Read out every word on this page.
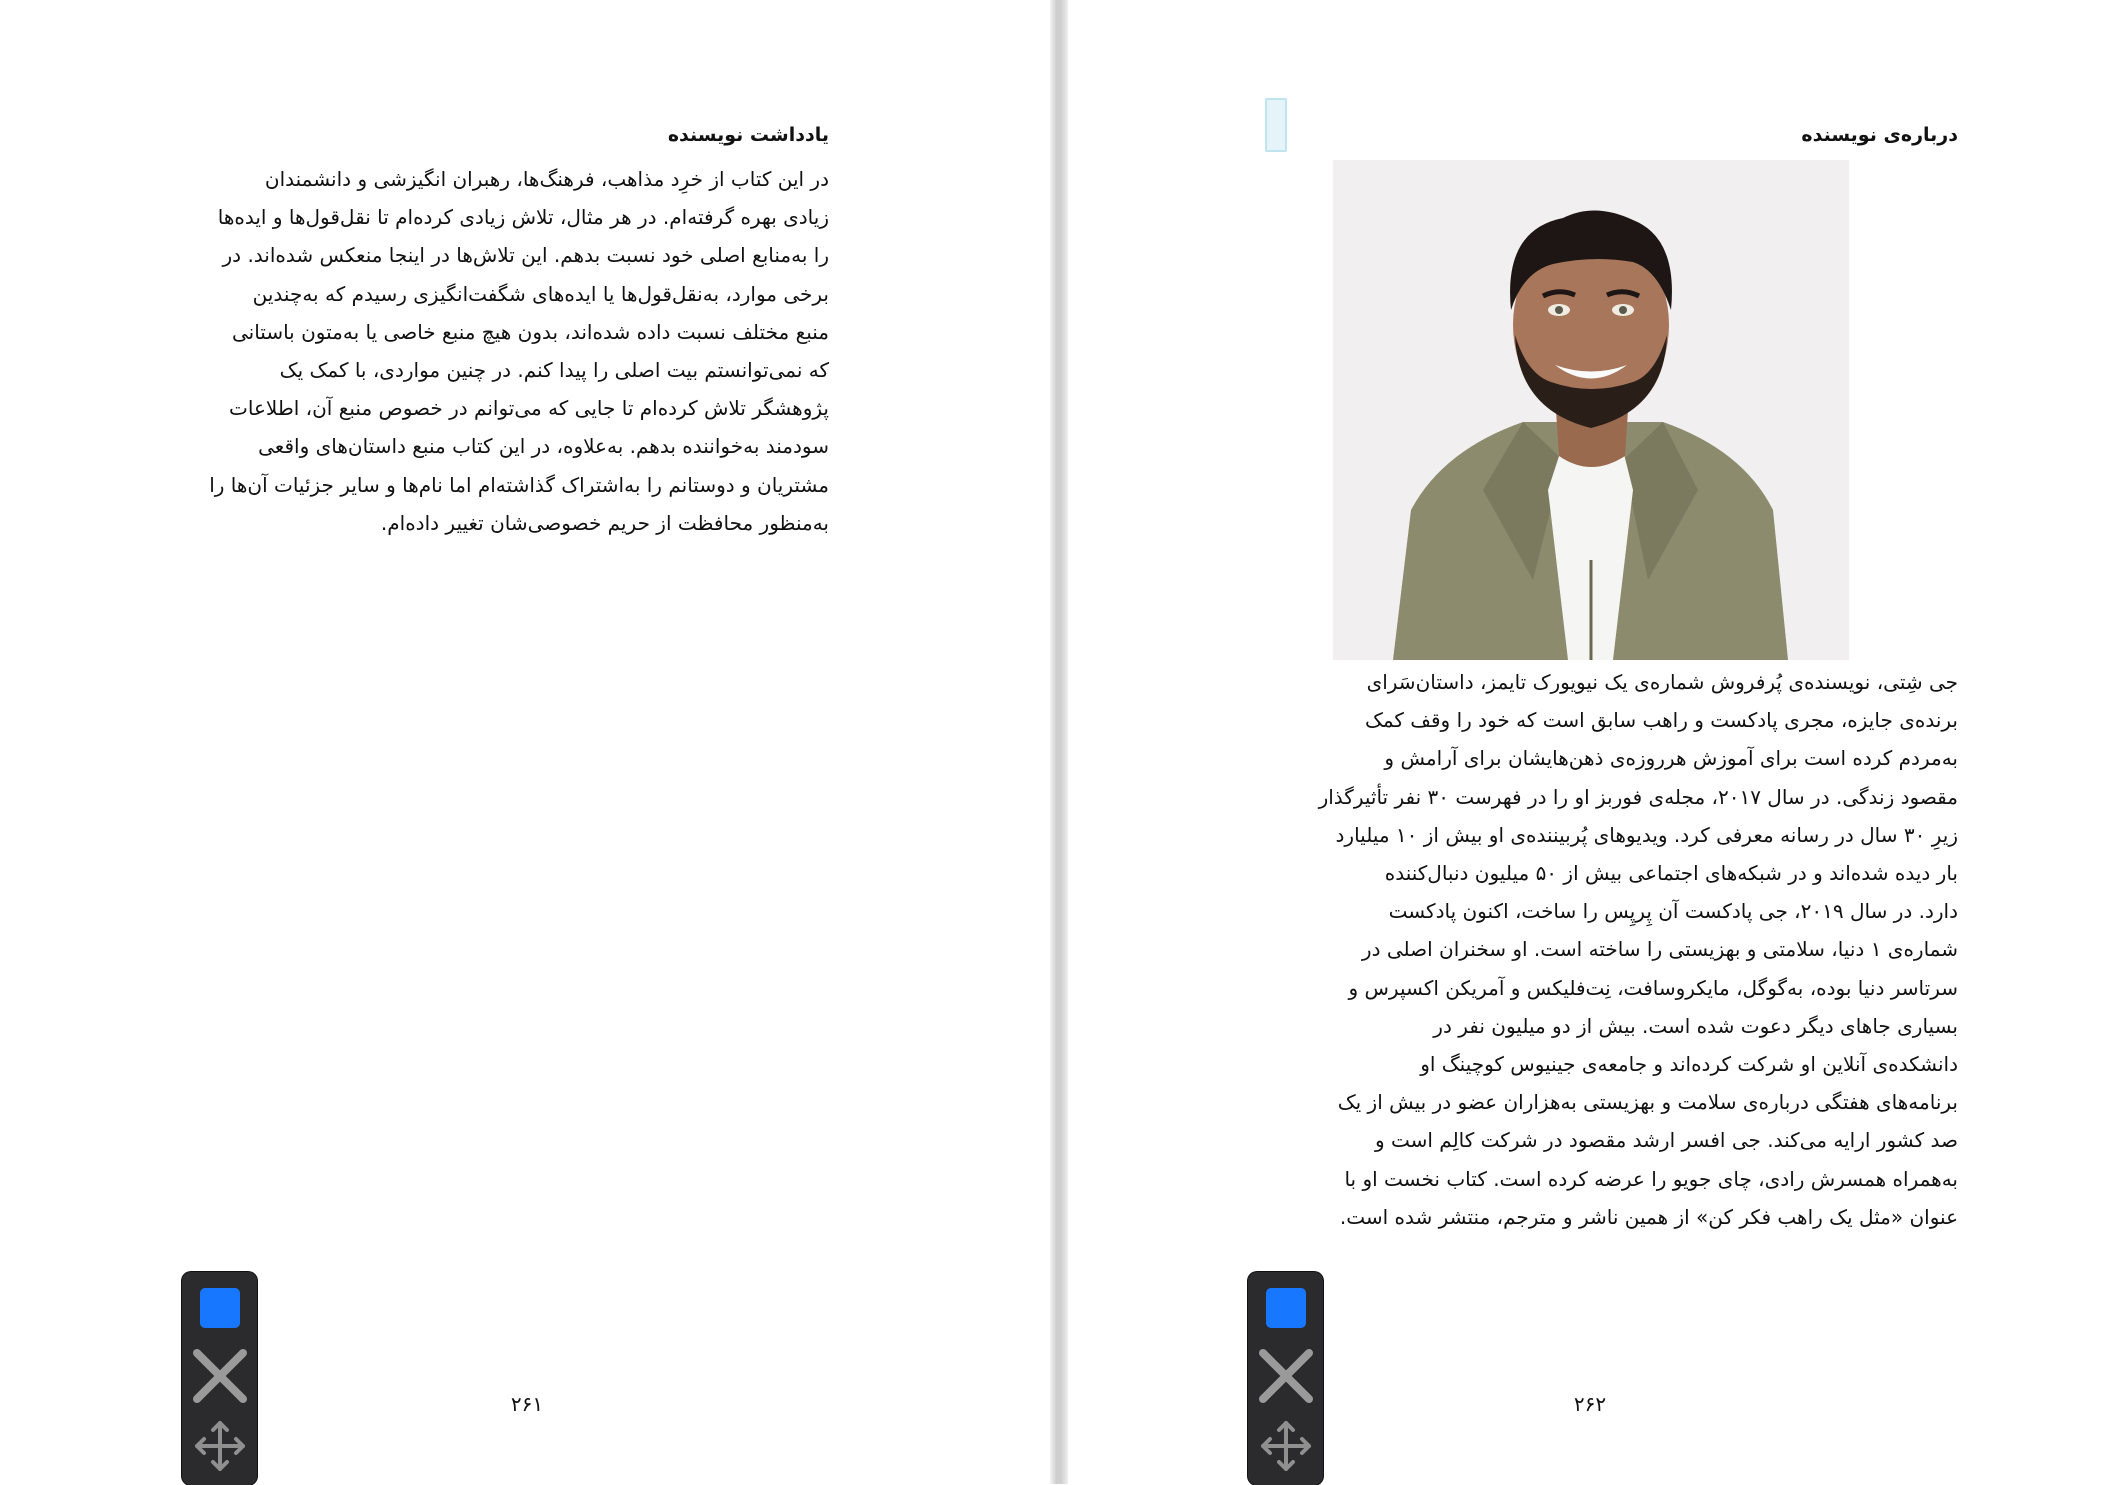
یادداشت نویسنده
در این کتاب از خرِد مذاهب، فرهنگ‌ها، رهبران انگیزشی و دانشمندان
زیادی بهره گرفته‌ام. در هر مثال، تلاش زیادی کرده‌ام تا نقل‌قول‌ها و ایده‌ها
را به‌منابع اصلی خود نسبت بدهم. این تلاش‌ها در اینجا منعکس شده‌اند. در
برخی موارد، به‌نقل‌قول‌ها یا ایده‌های شگفت‌انگیزی رسیدم که به‌چندین
منبع مختلف نسبت داده شده‌اند، بدون هیچ منبع خاصی یا به‌متون باستانی
که نمی‌توانستم بیت اصلی را پیدا کنم. در چنین مواردی، با کمک یک
پژوهشگر تلاش کرده‌ام تا جایی که می‌توانم در خصوص منبع آن، اطلاعات
سودمند به‌خواننده بدهم. به‌علاوه، در این کتاب منبع داستان‌های واقعی
مشتریان و دوستانم را به‌اشتراک گذاشته‌ام اما نام‌ها و سایر جزئیات آن‌ها را
به‌منظور محافظت از حریم خصوصی‌شان تغییر داده‌ام.
۲۶۱
درباره‌ی نویسنده
جی شِتی، نویسنده‌ی پُرفروش شماره‌ی یک نیویورک تایمز، داستان‌سَرای
برنده‌ی جایزه، مجری پادکست و راهب سابق است که خود را وقف کمک
به‌مردم کرده است برای آموزش هرروزه‌ی ذهن‌هایشان برای آرامش و
مقصود زندگی. در سال ۲۰۱۷، مجله‌ی فوربز او را در فهرست ۳۰ نفر تأثیرگذار
زیرِ ۳۰ سال در رسانه معرفی کرد. ویدیوهای پُربیننده‌ی او بیش از ۱۰ میلیارد
بار دیده شده‌اند و در شبکه‌های اجتماعی بیش از ۵۰ میلیون دنبال‌کننده
دارد. در سال ۲۰۱۹، جی پادکست آن پِرپِس را ساخت، اکنون پادکست
شماره‌ی ۱ دنیا، سلامتی و بهزیستی را ساخته است. او سخنران اصلی در
سرتاسر دنیا بوده، به‌گوگل، مایکروسافت، نِت‌فلیکس و آمریکن اکسپرس و
بسیاری جاهای دیگر دعوت شده است. بیش از دو میلیون نفر در
دانشکده‌ی آنلاین او شرکت کرده‌اند و جامعه‌ی جینیوس کوچینگ او
برنامه‌های هفتگی درباره‌ی سلامت و بهزیستی به‌هزاران عضو در بیش از یک
صد کشور ارایه می‌کند. جی افسر ارشد مقصود در شرکت کالِم است و
به‌همراه همسرش رادی، چای جویو را عرضه کرده است. کتاب نخست او با
عنوان «مثل یک راهب فکر کن» از همین ناشر و مترجم، منتشر شده است.
۲۶۲
